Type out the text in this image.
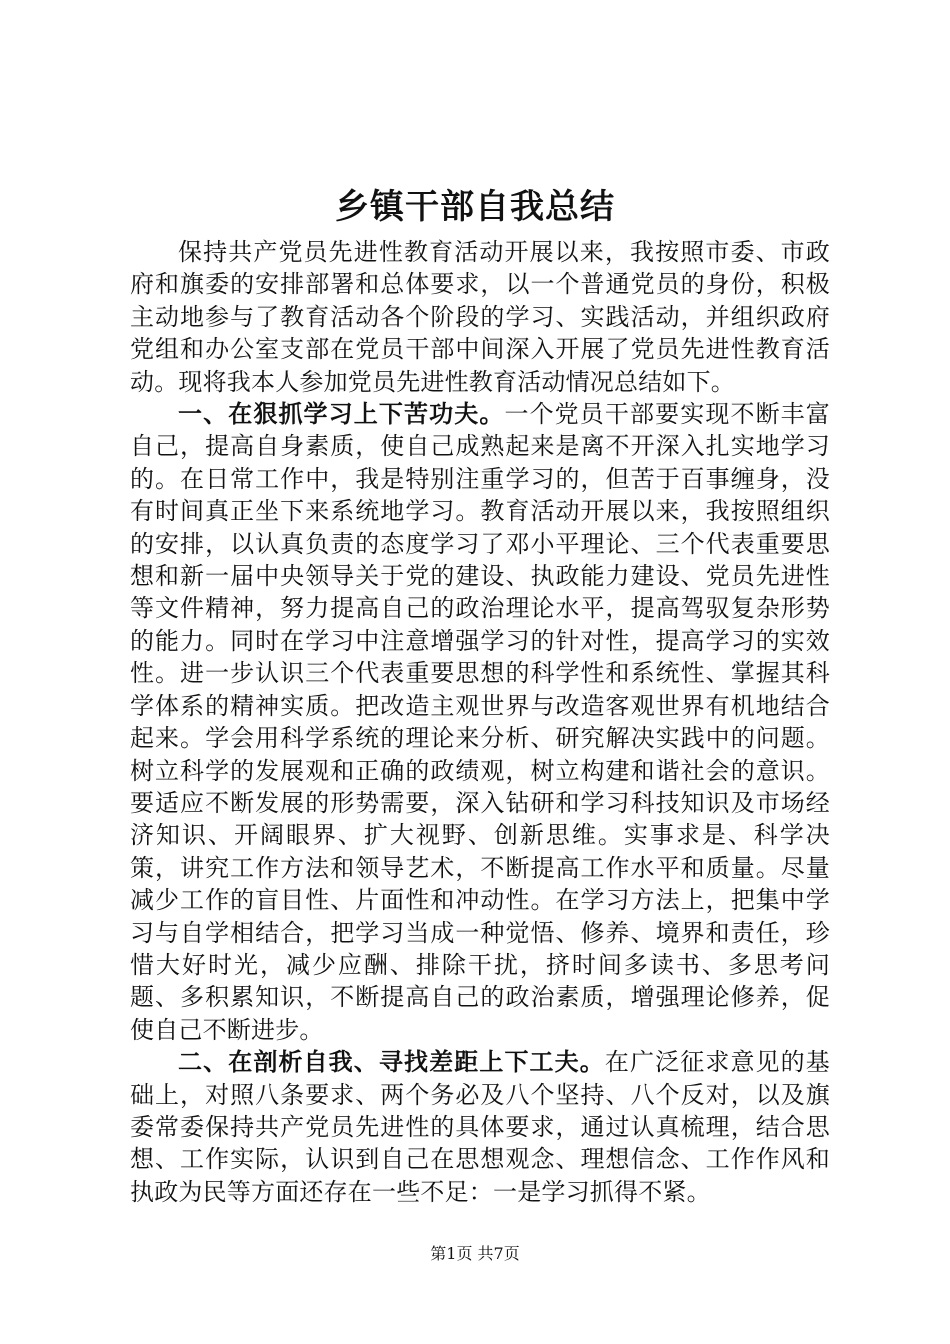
乡镇干部自我总结

保持共产党员先进性教育活动开展以来，我按照市委、市政府和旗委的安排部署和总体要求，以一个普通党员的身份，积极主动地参与了教育活动各个阶段的学习、实践活动，并组织政府党组和办公室支部在党员干部中间深入开展了党员先进性教育活动。现将我本人参加党员先进性教育活动情况总结如下。

一、在狠抓学习上下苦功夫。一个党员干部要实现不断丰富自己，提高自身素质，使自己成熟起来是离不开深入扎实地学习的。在日常工作中，我是特别注重学习的，但苦于百事缠身，没有时间真正坐下来系统地学习。教育活动开展以来，我按照组织的安排，以认真负责的态度学习了邓小平理论、三个代表重要思想和新一届中央领导关于党的建设、执政能力建设、党员先进性等文件精神，努力提高自己的政治理论水平，提高驾驭复杂形势的能力。同时在学习中注意增强学习的针对性，提高学习的实效性。进一步认识三个代表重要思想的科学性和系统性、掌握其科学体系的精神实质。把改造主观世界与改造客观世界有机地结合起来。学会用科学系统的理论来分析、研究解决实践中的问题。树立科学的发展观和正确的政绩观，树立构建和谐社会的意识。要适应不断发展的形势需要，深入钻研和学习科技知识及市场经济知识、开阔眼界、扩大视野、创新思维。实事求是、科学决策，讲究工作方法和领导艺术，不断提高工作水平和质量。尽量减少工作的盲目性、片面性和冲动性。在学习方法上，把集中学习与自学相结合，把学习当成一种觉悟、修养、境界和责任，珍惜大好时光，减少应酬、排除干扰，挤时间多读书、多思考问题、多积累知识，不断提高自己的政治素质，增强理论修养，促使自己不断进步。

二、在剖析自我、寻找差距上下工夫。在广泛征求意见的基础上，对照八条要求、两个务必及八个坚持、八个反对，以及旗委常委保持共产党员先进性的具体要求，通过认真梳理，结合思想、工作实际，认识到自己在思想观念、理想信念、工作作风和执政为民等方面还存在一些不足：一是学习抓得不紧。

第1页 共7页
